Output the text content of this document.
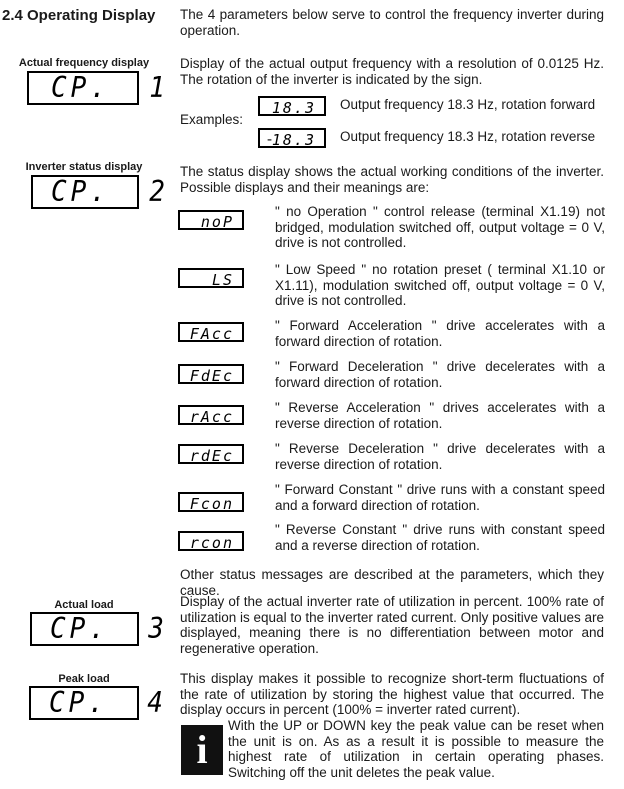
2.4 Operating Display The 4 parameters below serve to control the frequency inverter during operation.
Actual frequency display
CP.  1
Display of the actual output frequency with a resolution of 0.0125 Hz. The rotation of the inverter is indicated by the sign.
Examples:
18.3	Output frequency 18.3 Hz, rotation forward
-
18.3	Output frequency 18.3 Hz, rotation reverse
Inverter status display
CP.  2
The status display shows the actual working conditions of the inverter. Possible displays and their meanings are:
noP
" no Operation " control release (terminal X1.19) not bridged, modulation switched off, output voltage = 0 V, drive is not controlled.
LS
" Low Speed " no rotation preset ( terminal X1.10 or X1.11), modulation switched off, output voltage = 0 V, drive is not controlled.
FAcc	" Forward Acceleration " drive accelerates with a forward direction of rotation.
FdEc
" Forward Deceleration " drive decelerates with a forward direction of rotation.
rAcc
" Reverse Acceleration " drives accelerates with a reverse direction of rotation.
rdEc	" Reverse Deceleration " drive decelerates with a reverse direction of rotation.
Fcon
" Forward Constant " drive runs with a constant speed and a forward direction of rotation.
rcon
" Reverse Constant " drive runs with constant speed and a reverse direction of rotation.
Other status messages are described at the parameters, which they cause.
Actual load
CP.  3
Display of the actual inverter rate of utilization in percent. 100% rate of utilization is equal to the inverter rated current. Only positive values are displayed, meaning there is no differentiation between motor and regenerative operation.
Peak load
CP.  4
This display makes it possible to recognize short-term fluctuations of the rate of utilization by storing the highest value that occurred. The display occurs in percent (100% = inverter rated current).
i
With the UP or DOWN key the peak value can be reset when the unit is on. As as a result it is possible to measure the highest rate of utilization in certain operating phases. Switching off the unit deletes the peak value.
